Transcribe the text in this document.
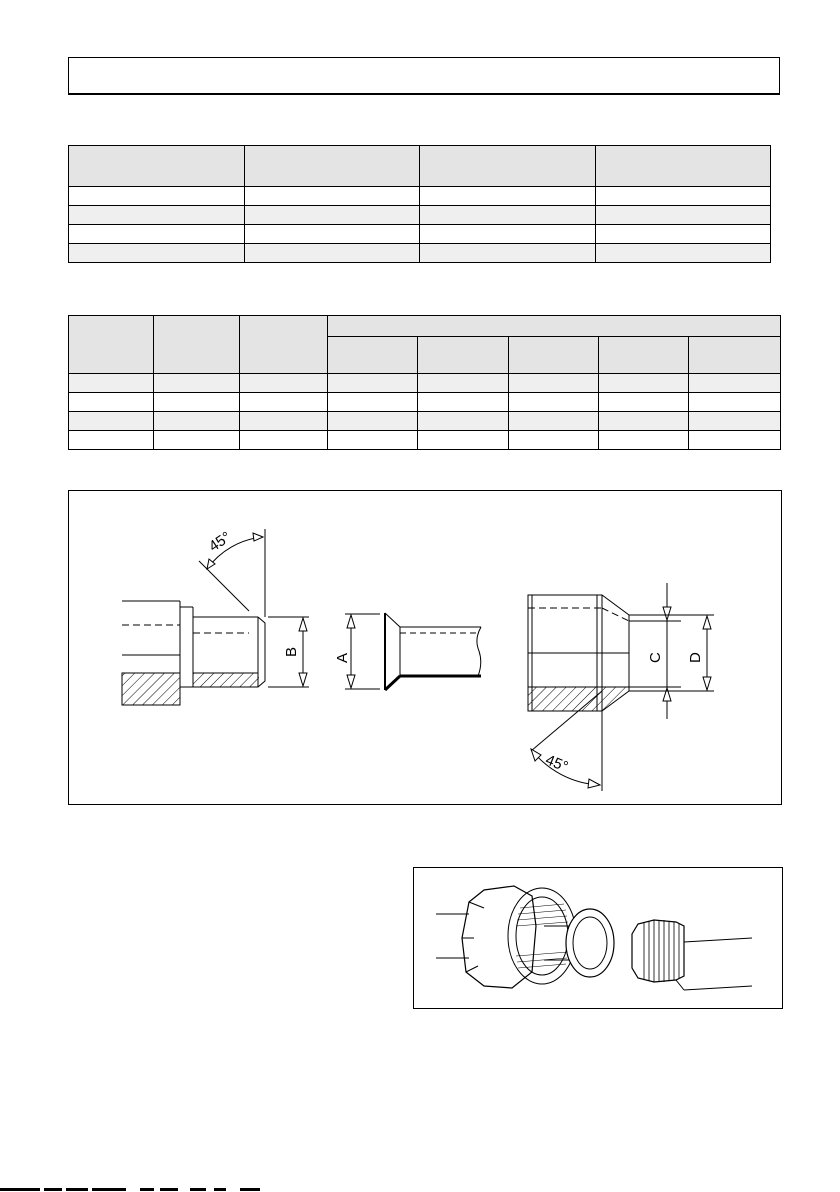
45°
B
A	C D
45°
